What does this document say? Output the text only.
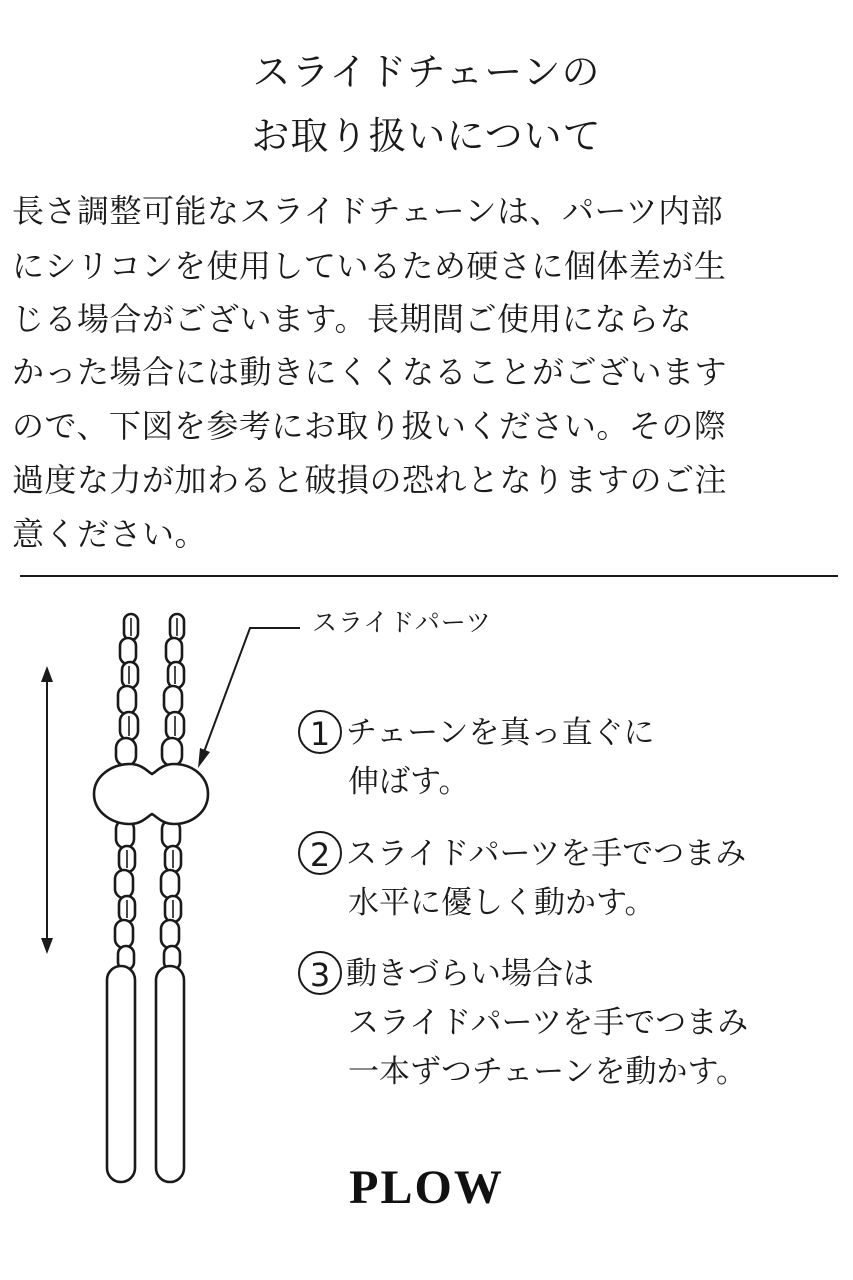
スライドチェーンの
お取り扱いについて
長さ調整可能なスライドチェーンは、パーツ内部
にシリコンを使用しているため硬さに個体差が生
じる場合がございます。長期間ご使用にならな
かった場合には動きにくくなることがございます
ので、下図を参考にお取り扱いください。その際
過度な力が加わると破損の恐れとなりますのご注
意ください。
スライドパーツ
1 チェーンを真っ直ぐに
伸ばす。
2 スライドパーツを手でつまみ
水平に優しく動かす。
3 動きづらい場合は
スライドパーツを手でつまみ
一本ずつチェーンを動かす。
PLOW
